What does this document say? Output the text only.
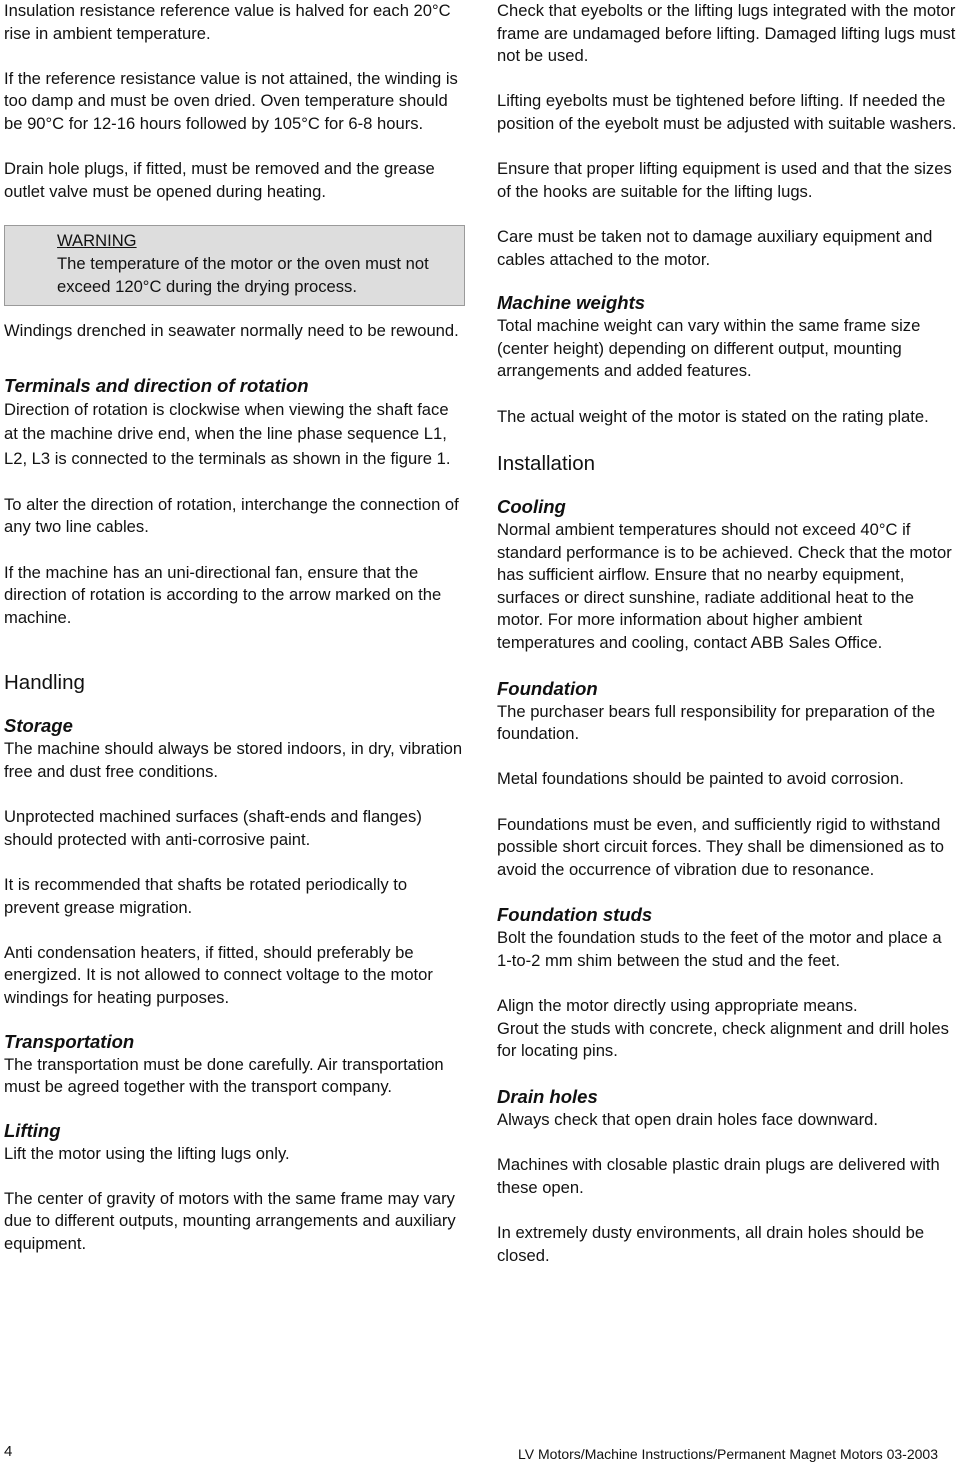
Insulation resistance reference value is halved for each 20°C rise in ambient temperature.

If the reference resistance value is not attained, the winding is too damp and must be oven dried. Oven temperature should be 90°C for 12-16 hours followed by 105°C for 6-8 hours.

Drain hole plugs, if fitted, must be removed and the grease outlet valve must be opened during heating.

WARNING

The temperature of the motor or the oven must not exceed 120°C during the drying process.

Windings drenched in seawater normally need to be rewound.

Terminals and direction of rotation

Direction of rotation is clockwise when viewing the shaft face at the machine drive end, when the line phase sequence L1, L2, L3 is connected to the terminals as shown in the figure 1.

To alter the direction of rotation, interchange the connection of any two line cables.

If the machine has an uni-directional fan, ensure that the direction of rotation is according to the arrow marked on the machine.

Handling
Storage

The machine should always be stored indoors, in dry, vibration free and dust free conditions.

Unprotected machined surfaces (shaft-ends and flanges) should protected with anti-corrosive paint.

It is recommended that shafts be rotated periodically to prevent grease migration.

Anti condensation heaters, if fitted, should preferably be energized. It is not allowed to connect voltage to the motor windings for heating purposes.

Transportation

The transportation must be done carefully. Air transportation must be agreed together with the transport company.

Lifting

Lift the motor using the lifting lugs only.

The center of gravity of motors with the same frame may vary due to different outputs, mounting arrangements and auxiliary equipment.

Check that eyebolts or the lifting lugs integrated with the motor frame are undamaged before lifting. Damaged lifting lugs must not be used.

Lifting eyebolts must be tightened before lifting. If needed the position of the eyebolt must be adjusted with suitable washers.

Ensure that proper lifting equipment is used and that the sizes of the hooks are suitable for the lifting lugs.

Care must be taken not to damage auxiliary equipment and cables attached to the motor.

Machine weights

Total machine weight can vary within the same frame size (center height) depending on different output, mounting arrangements and added features.

The actual weight of the motor is stated on the rating plate.

Installation
Cooling

Normal ambient temperatures should not exceed 40°C if standard performance is to be achieved. Check that the motor has sufficient airflow. Ensure that no nearby equipment, surfaces or direct sunshine, radiate additional heat to the motor. For more information about higher ambient temperatures and cooling, contact ABB Sales Office.

Foundation

The purchaser bears full responsibility for preparation of the foundation.

Metal foundations should be painted to avoid corrosion.

Foundations must be even, and sufficiently rigid to withstand possible short circuit forces. They shall be dimensioned as to avoid the occurrence of vibration due to resonance.

Foundation studs

Bolt the foundation studs to the feet of the motor and place a 1-to-2 mm shim between the stud and the feet.

Align the motor directly using appropriate means.

Grout the studs with concrete, check alignment and drill holes for locating pins.

Drain holes

Always check that open drain holes face downward.

Machines with closable plastic drain plugs are delivered with these open.

In extremely dusty environments, all drain holes should be closed.

4	LV Motors/Machine Instructions/Permanent Magnet Motors 03-2003
